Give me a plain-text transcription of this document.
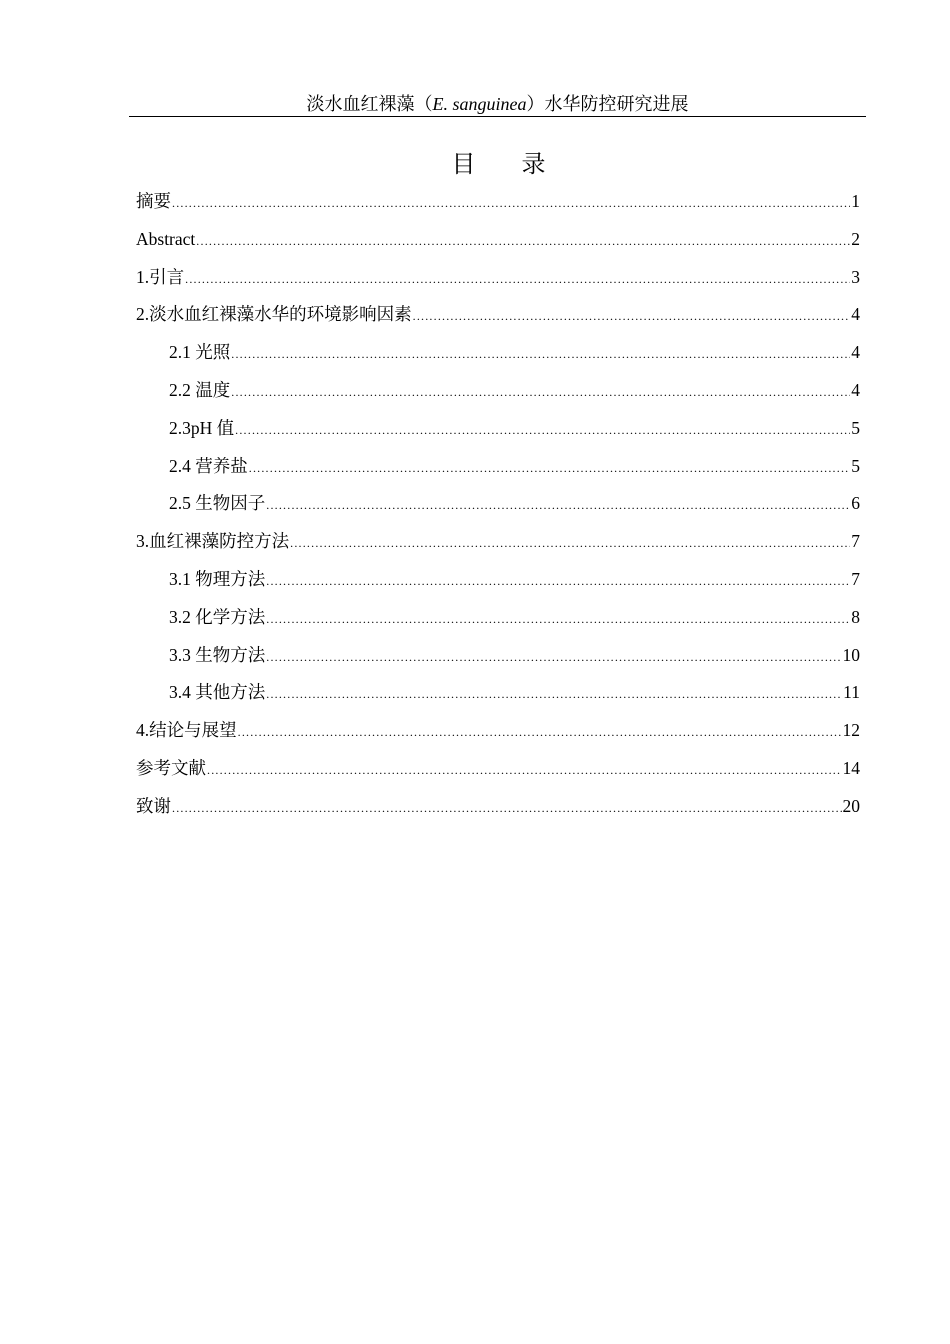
淡水血红裸藻（E. sanguinea）水华防控研究进展
目 录
摘要 .....	1
Abstract .....	2
1.引言 .....	3
2.淡水血红裸藻水华的环境影响因素 .....	4
2.1 光照 .....	4
2.2 温度 .....	4
2.3pH 值 .....	5
2.4 营养盐 .....	5
2.5 生物因子 .....	6
3.血红裸藻防控方法 .....	7
3.1 物理方法 .....	7
3.2 化学方法 .....	8
3.3 生物方法 .....	10
3.4 其他方法 .....	11
4.结论与展望 .....	12
参考文献 .....	14
致谢 .....	20
